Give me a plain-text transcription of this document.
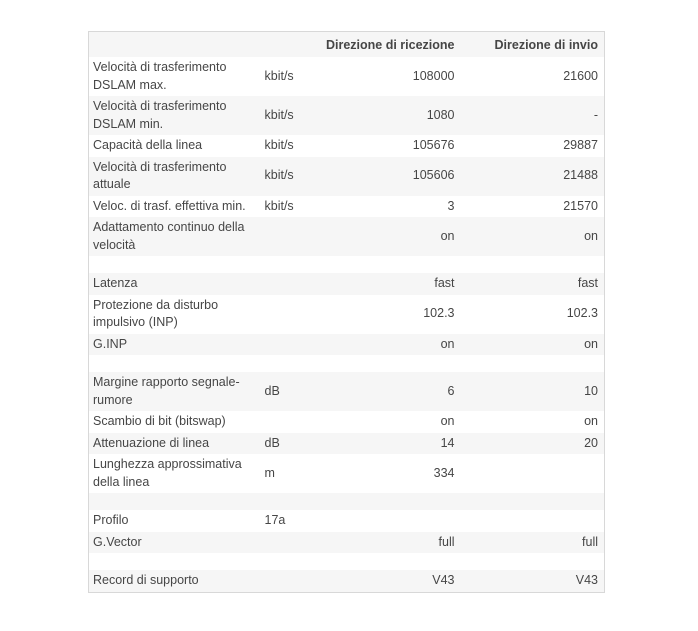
		Direzione di ricezione	Direzione di invio
Velocità di trasferimento DSLAM max.	kbit/s	108000	21600
Velocità di trasferimento DSLAM min.	kbit/s	1080	-
Capacità della linea	kbit/s	105676	29887
Velocità di trasferimento attuale	kbit/s	105606	21488
Veloc. di trasf. effettiva min.	kbit/s	3	21570
Adattamento continuo della velocità		on	on

Latenza		fast	fast
Protezione da disturbo impulsivo (INP)		102.3	102.3
G.INP		on	on

Margine rapporto segnale-rumore	dB	6	10
Scambio di bit (bitswap)		on	on
Attenuazione di linea	dB	14	20
Lunghezza approssimativa della linea	m	334	

Profilo	17a		
G.Vector		full	full

Record di supporto		V43	V43
